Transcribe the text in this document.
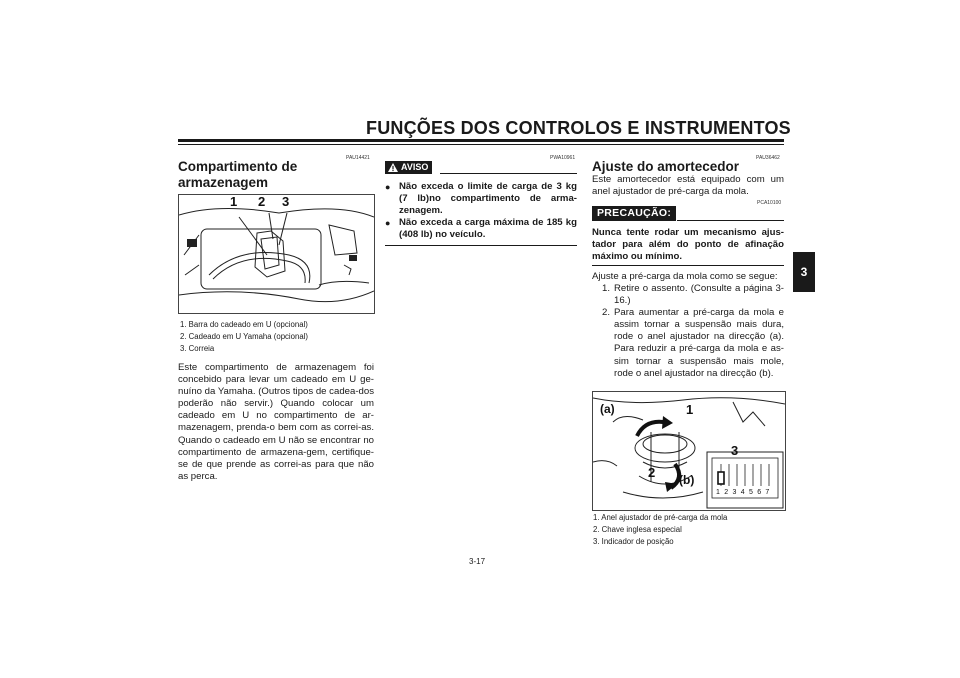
FUNÇÕES DOS CONTROLOS E INSTRUMENTOS
3
PAU14421
Compartimento de armazenagem
1 2 3
1. Barra do cadeado em U (opcional)
2. Cadeado em U Yamaha (opcional)
3. Correia
Este compartimento de armazenagem foi concebido para levar um cadeado em U ge-nuíno da Yamaha. (Outros tipos de cadea-dos poderão não servir.) Quando colocar um cadeado em U no compartimento de ar-mazenagem, prenda-o bem com as correi-as. Quando o cadeado em U não se encontrar no compartimento de armazena-gem, certifique-se de que prende as correi-as para que não as perca.
PWA10961
AVISO
● Não exceda o limite de carga de 3 kg (7 lb)no compartimento de arma-zenagem.
● Não exceda a carga máxima de 185 kg (408 lb) no veículo.
PAU36462
Ajuste do amortecedor
Este amortecedor está equipado com um anel ajustador de pré-carga da mola.
PCA10100
PRECAUÇÃO:
Nunca tente rodar um mecanismo ajus-tador para além do ponto de afinação máximo ou mínimo.
Ajuste a pré-carga da mola como se segue:
1. Retire o assento. (Consulte a página 3-16.)
2. Para aumentar a pré-carga da mola e assim tornar a suspensão mais dura, rode o anel ajustador na direcção (a). Para reduzir a pré-carga da mola e as-sim tornar a suspensão mais mole, rode o anel ajustador na direcção (b).
(a)	1
2 (b)
3
1 2 3 4 5 6 7
1. Anel ajustador de pré-carga da mola
2. Chave inglesa especial
3. Indicador de posição
3-17
